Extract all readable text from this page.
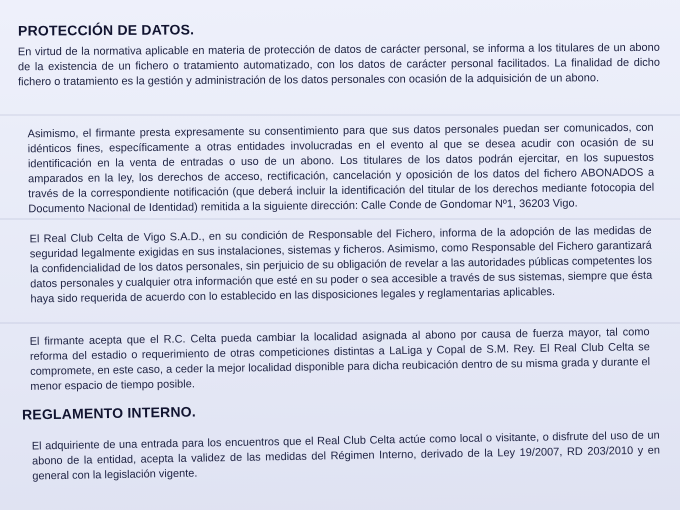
PROTECCIÓN DE DATOS.

En virtud de la normativa aplicable en materia de protección de datos de carácter personal, se informa a los titulares de un abono de la existencia de un fichero o tratamiento automatizado, con los datos de carácter personal facilitados. La finalidad de dicho fichero o tratamiento es la gestión y administración de los datos personales con ocasión de la adquisición de un abono.

Asimismo, el firmante presta expresamente su consentimiento para que sus datos personales puedan ser comunicados, con idénticos fines, específicamente a otras entidades involucradas en el evento al que se desea acudir con ocasión de su identificación en la venta de entradas o uso de un abono. Los titulares de los datos podrán ejercitar, en los supuestos amparados en la ley, los derechos de acceso, rectificación, cancelación y oposición de los datos del fichero ABONADOS a través de la correspondiente notificación (que deberá incluir la identificación del titular de los derechos mediante fotocopia del Documento Nacional de Identidad) remitida a la siguiente dirección: Calle Conde de Gondomar Nº1, 36203 Vigo.

El Real Club Celta de Vigo S.A.D., en su condición de Responsable del Fichero, informa de la adopción de las medidas de seguridad legalmente exigidas en sus instalaciones, sistemas y ficheros. Asimismo, como Responsable del Fichero garantizará la confidencialidad de los datos personales, sin perjuicio de su obligación de revelar a las autoridades públicas competentes los datos personales y cualquier otra información que esté en su poder o sea accesible a través de sus sistemas, siempre que ésta haya sido requerida de acuerdo con lo establecido en las disposiciones legales y reglamentarias aplicables.

El firmante acepta que el R.C. Celta pueda cambiar la localidad asignada al abono por causa de fuerza mayor, tal como reforma del estadio o requerimiento de otras competiciones distintas a LaLiga y Copal de S.M. Rey. El Real Club Celta se compromete, en este caso, a ceder la mejor localidad disponible para dicha reubicación dentro de su misma grada y durante el menor espacio de tiempo posible.

REGLAMENTO INTERNO.

El adquiriente de una entrada para los encuentros que el Real Club Celta actúe como local o visitante, o disfrute del uso de un abono de la entidad, acepta la validez de las medidas del Régimen Interno, derivado de la Ley 19/2007, RD 203/2010 y en general con la legislación vigente.
